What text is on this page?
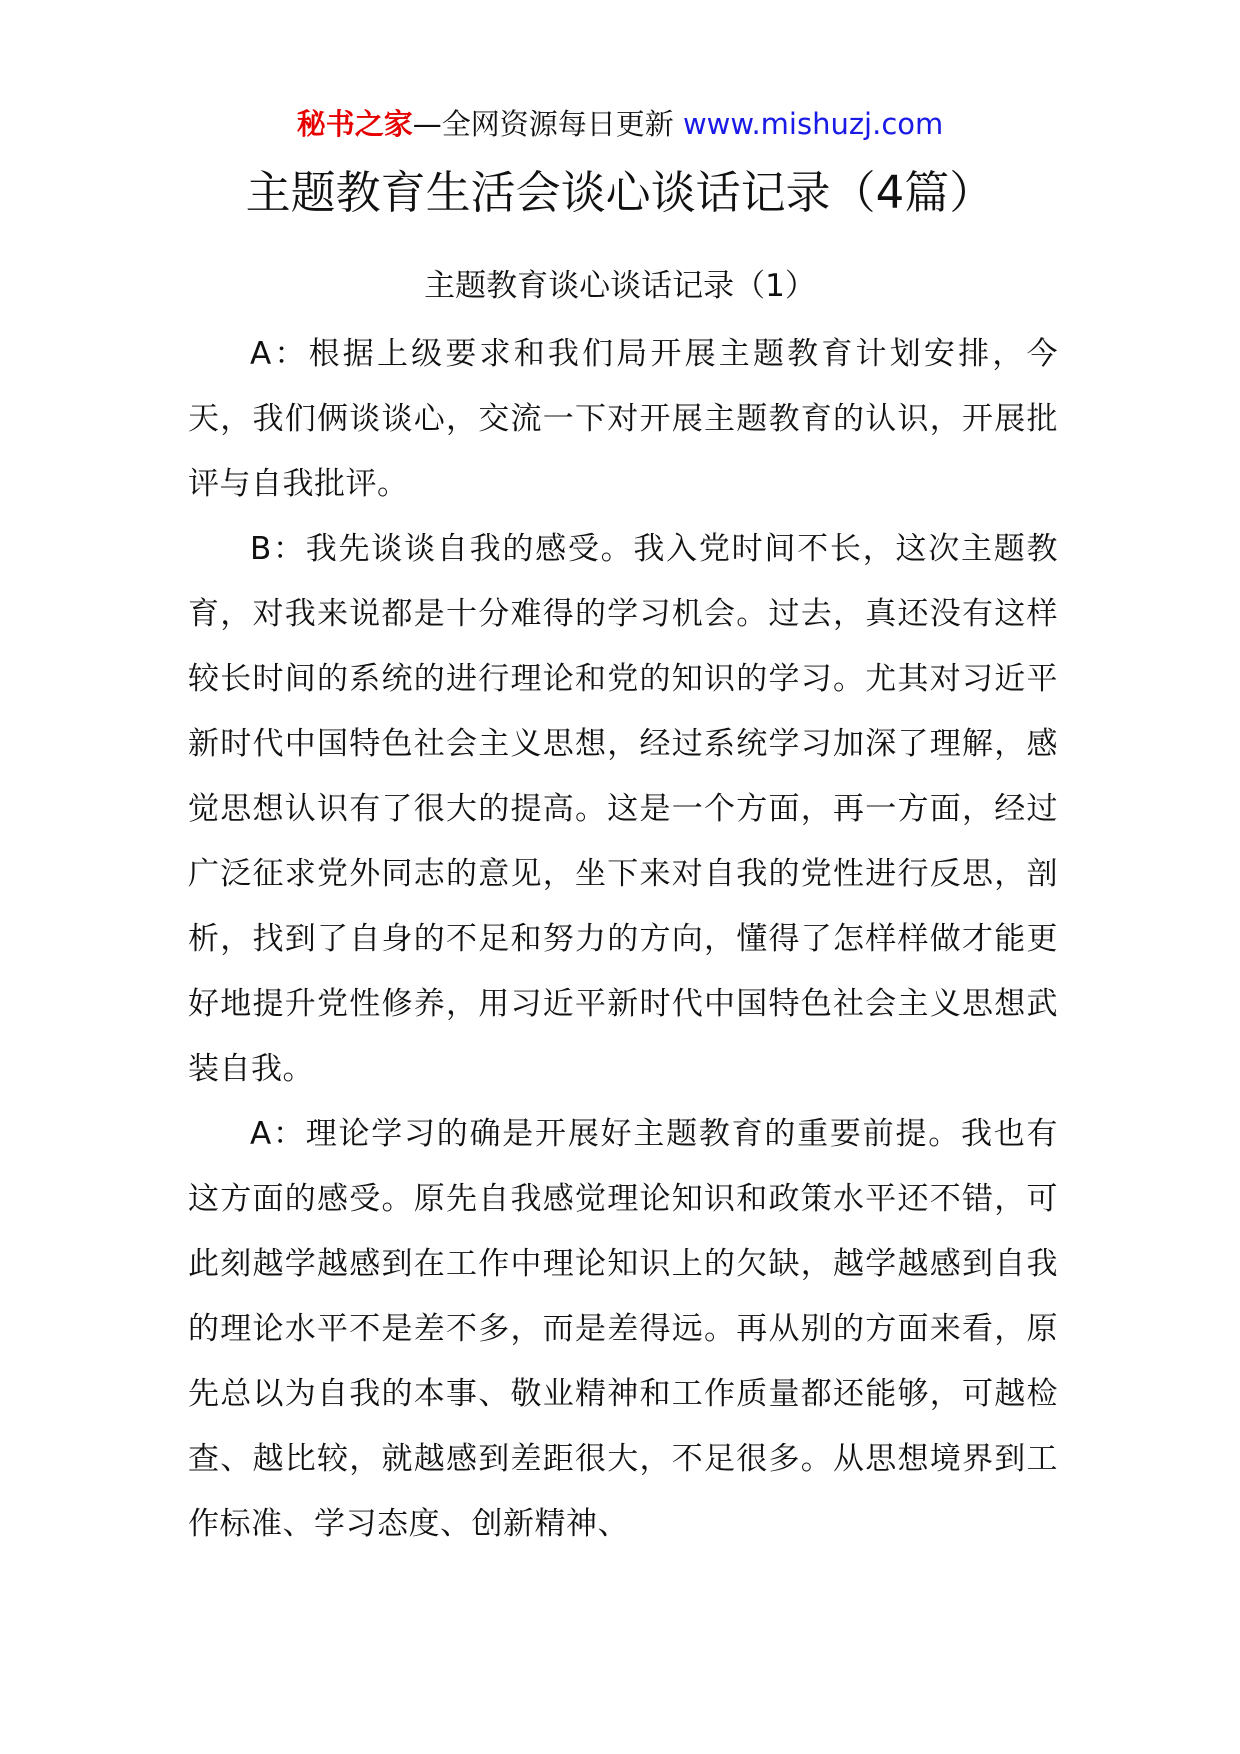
秘书之家—全网资源每日更新 www.mishuzj.com
主题教育生活会谈心谈话记录（4篇）
主题教育谈心谈话记录（1）

A：根据上级要求和我们局开展主题教育计划安排，今天，我们俩谈谈心，交流一下对开展主题教育的认识，开展批评与自我批评。

B：我先谈谈自我的感受。我入党时间不长，这次主题教育，对我来说都是十分难得的学习机会。过去，真还没有这样较长时间的系统的进行理论和党的知识的学习。尤其对习近平新时代中国特色社会主义思想，经过系统学习加深了理解，感觉思想认识有了很大的提高。这是一个方面，再一方面，经过广泛征求党外同志的意见，坐下来对自我的党性进行反思，剖析，找到了自身的不足和努力的方向，懂得了怎样样做才能更好地提升党性修养，用习近平新时代中国特色社会主义思想武装自我。

A：理论学习的确是开展好主题教育的重要前提。我也有这方面的感受。原先自我感觉理论知识和政策水平还不错，可此刻越学越感到在工作中理论知识上的欠缺，越学越感到自我的理论水平不是差不多，而是差得远。再从别的方面来看，原先总以为自我的本事、敬业精神和工作质量都还能够，可越检查、越比较，就越感到差距很大，不足很多。从思想境界到工作标准、学习态度、创新精神、
